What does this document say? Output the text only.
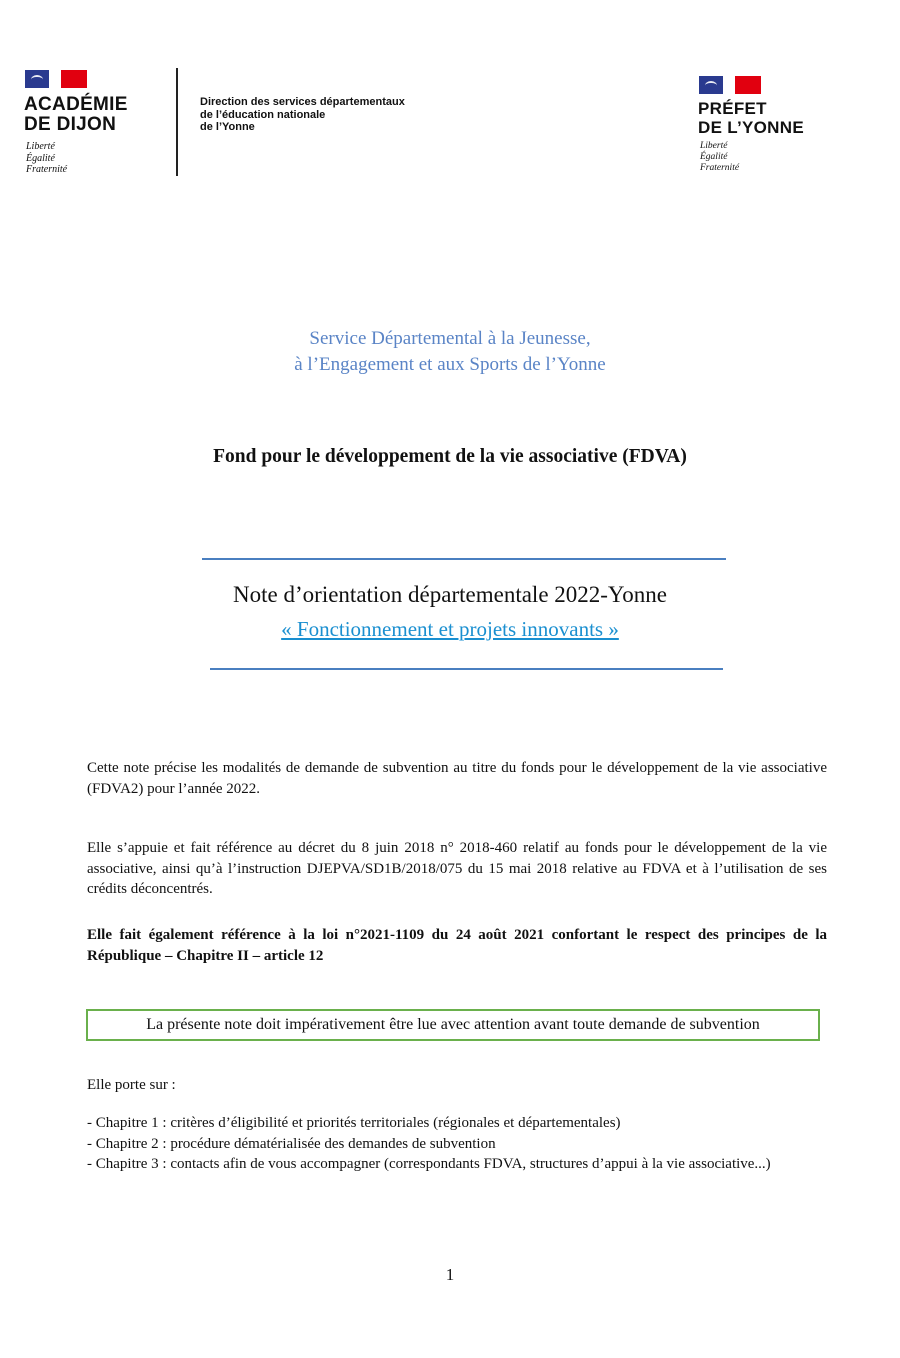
ACADÉMIE
DE DIJON
Liberté
Égalité
Fraternité
Direction des services départementaux
de l’éducation nationale
de l’Yonne
PRÉFET
DE L’YONNE
Liberté
Égalité
Fraternité
Service Départemental à la Jeunesse,
à l’Engagement et aux Sports de l’Yonne
Fond pour le développement de la vie associative (FDVA)
Note d’orientation départementale 2022-Yonne
« Fonctionnement et projets innovants »
Cette note précise les modalités de demande de subvention au titre du fonds pour le développement de la vie associative (FDVA2) pour l’année 2022.
Elle s’appuie et fait référence au décret du 8 juin 2018 n° 2018-460 relatif au fonds pour le développement de la vie associative, ainsi qu’à l’instruction DJEPVA/SD1B/2018/075 du 15 mai 2018 relative au FDVA et à l’utilisation de ses crédits déconcentrés.
Elle fait également référence à la loi n°2021-1109 du 24 août 2021 confortant le respect des principes de la République – Chapitre II – article 12
La présente note doit impérativement être lue avec attention avant toute demande de subvention
Elle porte sur :
- Chapitre 1 : critères d’éligibilité et priorités territoriales (régionales et départementales)
- Chapitre 2 : procédure dématérialisée des demandes de subvention
- Chapitre 3 : contacts afin de vous accompagner (correspondants FDVA, structures d’appui à la vie associative...)
1
